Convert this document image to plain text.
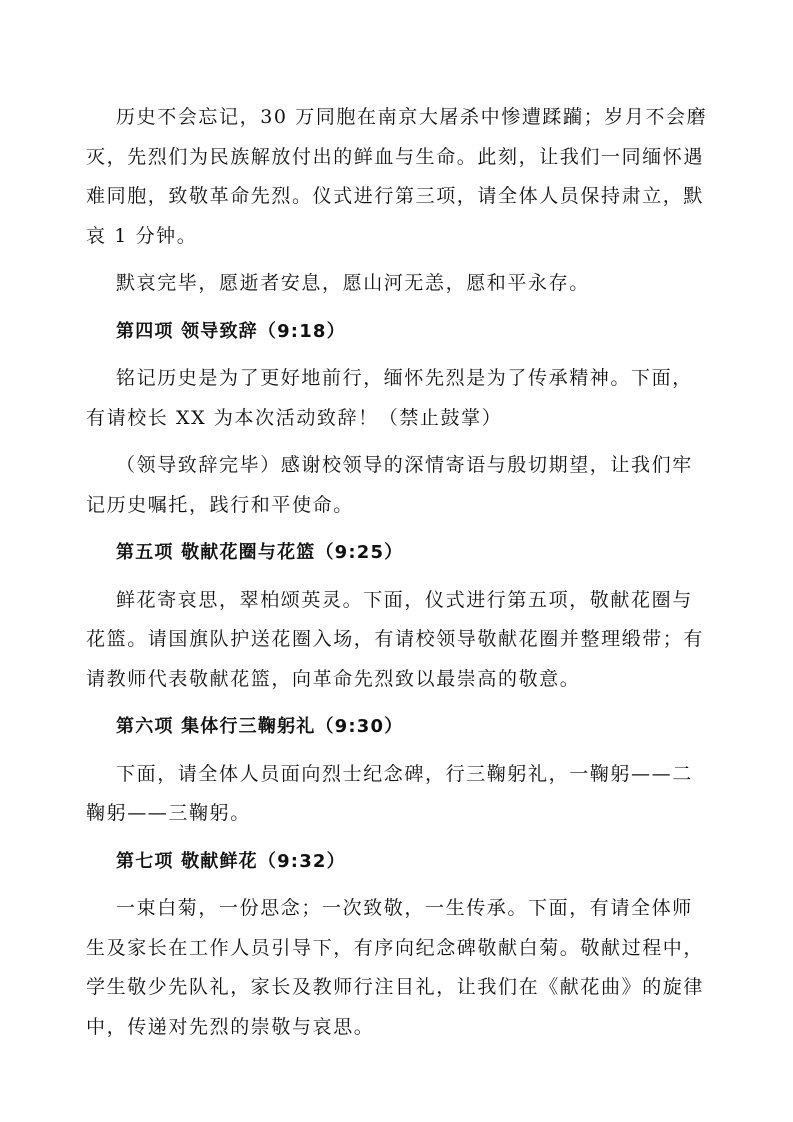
历史不会忘记，30 万同胞在南京大屠杀中惨遭蹂躏；岁月不会磨
灭，先烈们为民族解放付出的鲜血与生命。此刻，让我们一同缅怀遇
难同胞，致敬革命先烈。仪式进行第三项，请全体人员保持肃立，默
哀 1 分钟。
默哀完毕，愿逝者安息，愿山河无恙，愿和平永存。
第四项 领导致辞（9:18）
铭记历史是为了更好地前行，缅怀先烈是为了传承精神。下面，
有请校长 XX 为本次活动致辞！（禁止鼓掌）
（领导致辞完毕）感谢校领导的深情寄语与殷切期望，让我们牢
记历史嘱托，践行和平使命。
第五项 敬献花圈与花篮（9:25）
鲜花寄哀思，翠柏颂英灵。下面，仪式进行第五项，敬献花圈与
花篮。请国旗队护送花圈入场，有请校领导敬献花圈并整理缎带；有
请教师代表敬献花篮，向革命先烈致以最崇高的敬意。
第六项 集体行三鞠躬礼（9:30）
下面，请全体人员面向烈士纪念碑，行三鞠躬礼，一鞠躬——二
鞠躬——三鞠躬。
第七项 敬献鲜花（9:32）
一束白菊，一份思念；一次致敬，一生传承。下面，有请全体师
生及家长在工作人员引导下，有序向纪念碑敬献白菊。敬献过程中，
学生敬少先队礼，家长及教师行注目礼，让我们在《献花曲》的旋律
中，传递对先烈的崇敬与哀思。
